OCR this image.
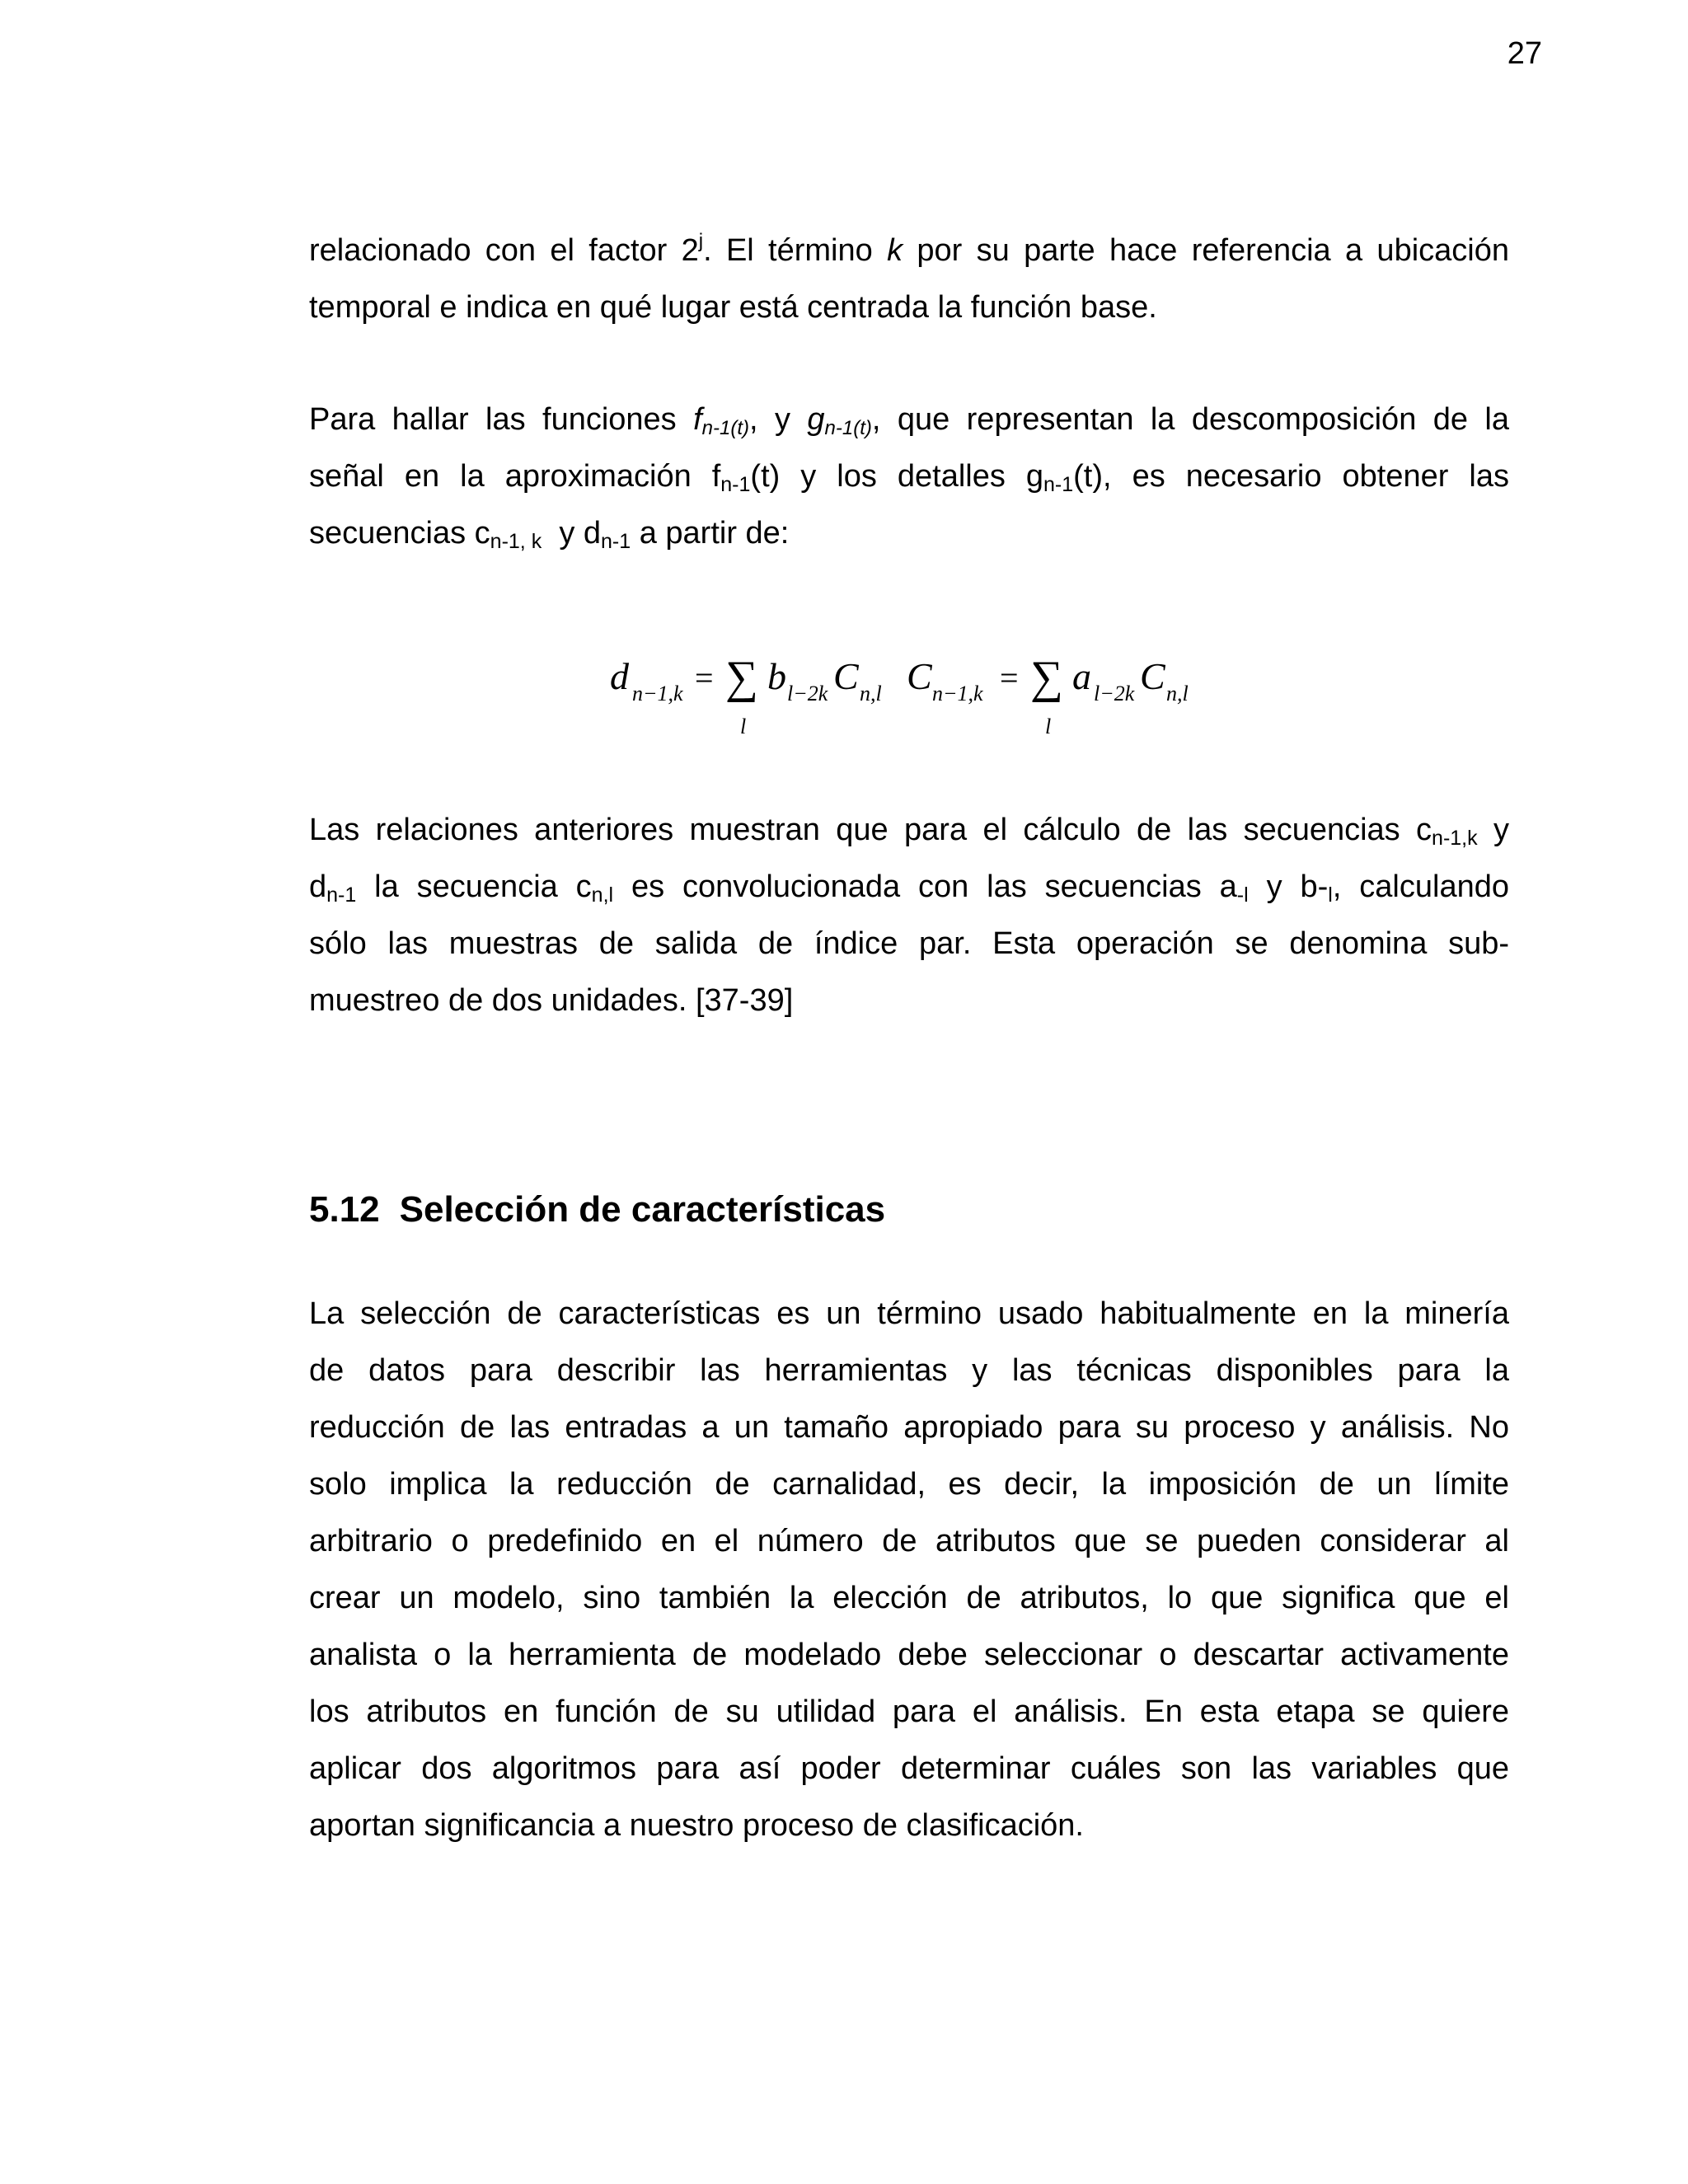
27
relacionado con el factor 2$^j$. El término k por su parte hace referencia a ubicación
temporal e indica en qué lugar está centrada la función base.
Para hallar las funciones $f_{n-1(t)}$, y $g_{n-1(t)}$, que representan la descomposición de la
señal en la aproximación $f_{n-1}(t)$ y los detalles $g_{n-1}(t)$, es necesario obtener las
secuencias $c_{n-1, k}$  y $d_{n-1}$ a partir de:
d n−1,k = ∑
l
b l−2k C n,l C n−1,k = ∑
l
a l−2k C n,l
Las relaciones anteriores muestran que para el cálculo de las secuencias $c_{n-1,k}$ y
$d_{n-1}$ la secuencia $c_{n,l}$ es convolucionada con las secuencias $a_{-l}$ y $b-_l$, calculando
sólo las muestras de salida de índice par. Esta operación se denomina sub-
muestreo de dos unidades. [37-39]
5.12 Selección de características
La selección de características es un término usado habitualmente en la minería
de datos para describir las herramientas y las técnicas disponibles para la
reducción de las entradas a un tamaño apropiado para su proceso y análisis. No
solo implica la reducción de carnalidad, es decir, la imposición de un límite
arbitrario o predefinido en el número de atributos que se pueden considerar al
crear un modelo, sino también la elección de atributos, lo que significa que el
analista o la herramienta de modelado debe seleccionar o descartar activamente
los atributos en función de su utilidad para el análisis. En esta etapa se quiere
aplicar dos algoritmos para así poder determinar cuáles son las variables que
aportan significancia a nuestro proceso de clasificación.
